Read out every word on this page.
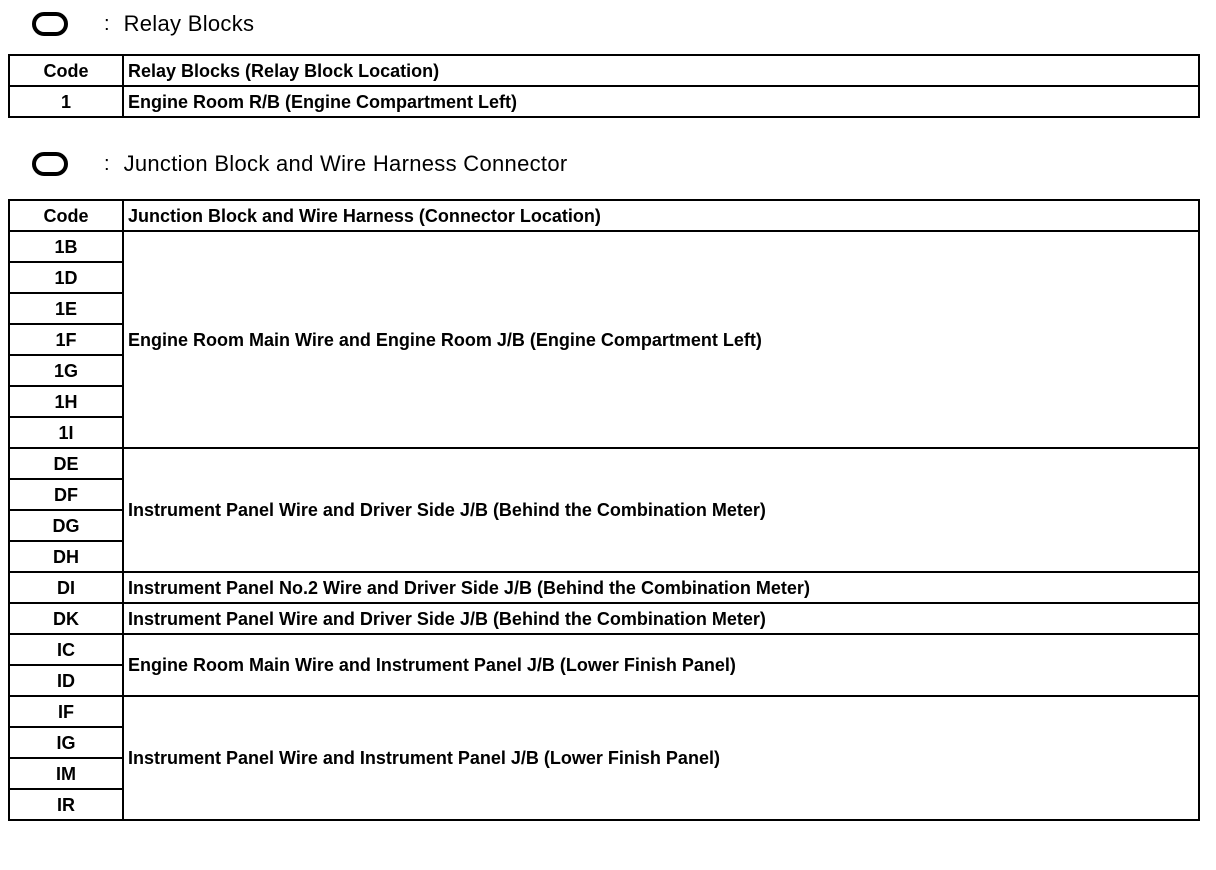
: Relay Blocks
Code	Relay Blocks (Relay Block Location)
1	Engine Room R/B (Engine Compartment Left)
: Junction Block and Wire Harness Connector
Code	Junction Block and Wire Harness (Connector Location)
1B	Engine Room Main Wire and Engine Room J/B (Engine Compartment Left)
1D	
1E	
1F	
1G	
1H	
1I	
DE	Instrument Panel Wire and Driver Side J/B (Behind the Combination Meter)
DF	
DG	
DH	
DI	Instrument Panel No.2 Wire and Driver Side J/B (Behind the Combination Meter)
DK	Instrument Panel Wire and Driver Side J/B (Behind the Combination Meter)
IC	Engine Room Main Wire and Instrument Panel J/B (Lower Finish Panel)
ID	
IF	Instrument Panel Wire and Instrument Panel J/B (Lower Finish Panel)
IG	
IM	
IR	
